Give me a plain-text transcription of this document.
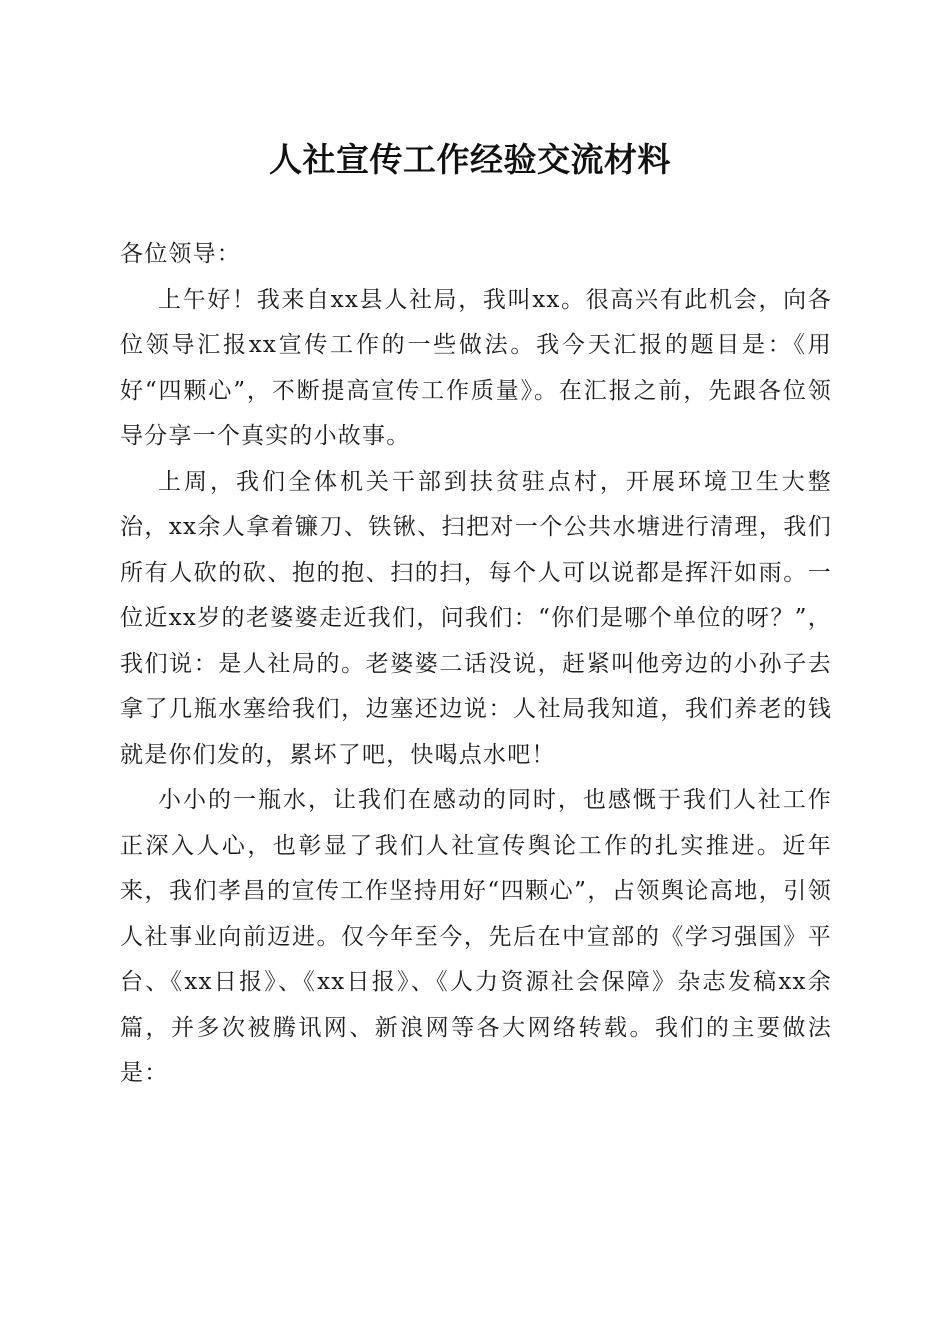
人社宣传工作经验交流材料

各位领导：

上午好！我来自xx县人社局，我叫xx。很高兴有此机会，向各位领导汇报xx宣传工作的一些做法。我今天汇报的题目是：《用好“四颗心”，不断提高宣传工作质量》。在汇报之前，先跟各位领导分享一个真实的小故事。

上周，我们全体机关干部到扶贫驻点村，开展环境卫生大整治，xx余人拿着镰刀、铁锹、扫把对一个公共水塘进行清理，我们所有人砍的砍、抱的抱、扫的扫，每个人可以说都是挥汗如雨。一位近xx岁的老婆婆走近我们，问我们：“你们是哪个单位的呀？”，我们说：是人社局的。老婆婆二话没说，赶紧叫他旁边的小孙子去拿了几瓶水塞给我们，边塞还边说：人社局我知道，我们养老的钱就是你们发的，累坏了吧，快喝点水吧！

小小的一瓶水，让我们在感动的同时，也感慨于我们人社工作正深入人心，也彰显了我们人社宣传舆论工作的扎实推进。近年来，我们孝昌的宣传工作坚持用好“四颗心”，占领舆论高地，引领人社事业向前迈进。仅今年至今，先后在中宣部的《学习强国》平台、《xx日报》、《xx日报》、《人力资源社会保障》杂志发稿xx余篇，并多次被腾讯网、新浪网等各大网络转载。我们的主要做法是：
